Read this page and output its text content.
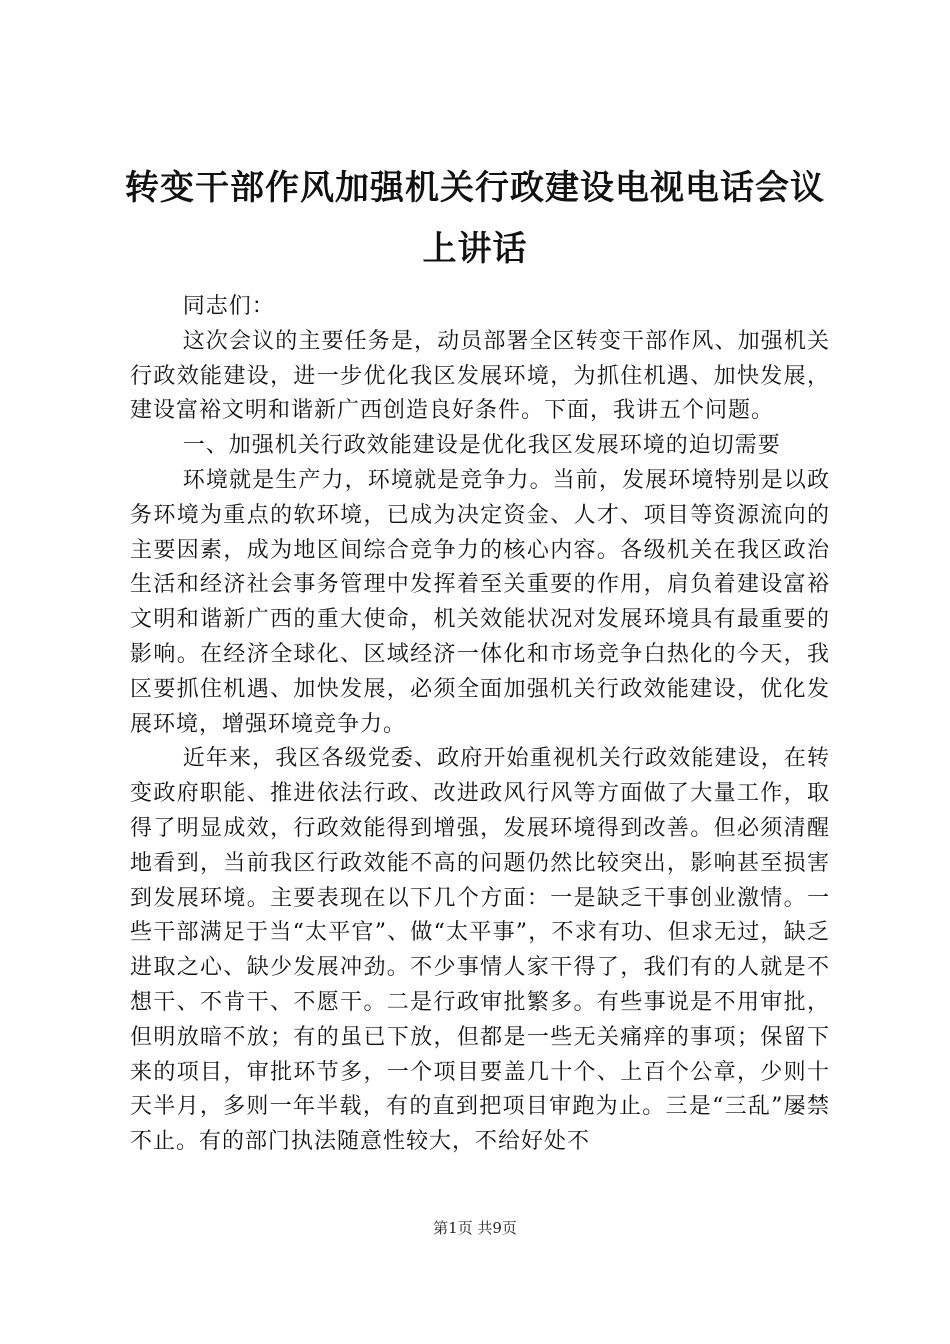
转变干部作风加强机关行政建设电视电话会议
上讲话

同志们：

这次会议的主要任务是，动员部署全区转变干部作风、加强机关行政效能建设，进一步优化我区发展环境，为抓住机遇、加快发展，建设富裕文明和谐新广西创造良好条件。下面，我讲五个问题。

一、加强机关行政效能建设是优化我区发展环境的迫切需要

环境就是生产力，环境就是竞争力。当前，发展环境特别是以政务环境为重点的软环境，已成为决定资金、人才、项目等资源流向的主要因素，成为地区间综合竞争力的核心内容。各级机关在我区政治生活和经济社会事务管理中发挥着至关重要的作用，肩负着建设富裕文明和谐新广西的重大使命，机关效能状况对发展环境具有最重要的影响。在经济全球化、区域经济一体化和市场竞争白热化的今天，我区要抓住机遇、加快发展，必须全面加强机关行政效能建设，优化发展环境，增强环境竞争力。

近年来，我区各级党委、政府开始重视机关行政效能建设，在转变政府职能、推进依法行政、改进政风行风等方面做了大量工作，取得了明显成效，行政效能得到增强，发展环境得到改善。但必须清醒地看到，当前我区行政效能不高的问题仍然比较突出，影响甚至损害到发展环境。主要表现在以下几个方面：一是缺乏干事创业激情。一些干部满足于当“太平官”、做“太平事”，不求有功、但求无过，缺乏进取之心、缺少发展冲劲。不少事情人家干得了，我们有的人就是不想干、不肯干、不愿干。二是行政审批繁多。有些事说是不用审批，但明放暗不放；有的虽已下放，但都是一些无关痛痒的事项；保留下来的项目，审批环节多，一个项目要盖几十个、上百个公章，少则十天半月，多则一年半载，有的直到把项目审跑为止。三是“三乱”屡禁不止。有的部门执法随意性较大，不给好处不

第1页 共9页
